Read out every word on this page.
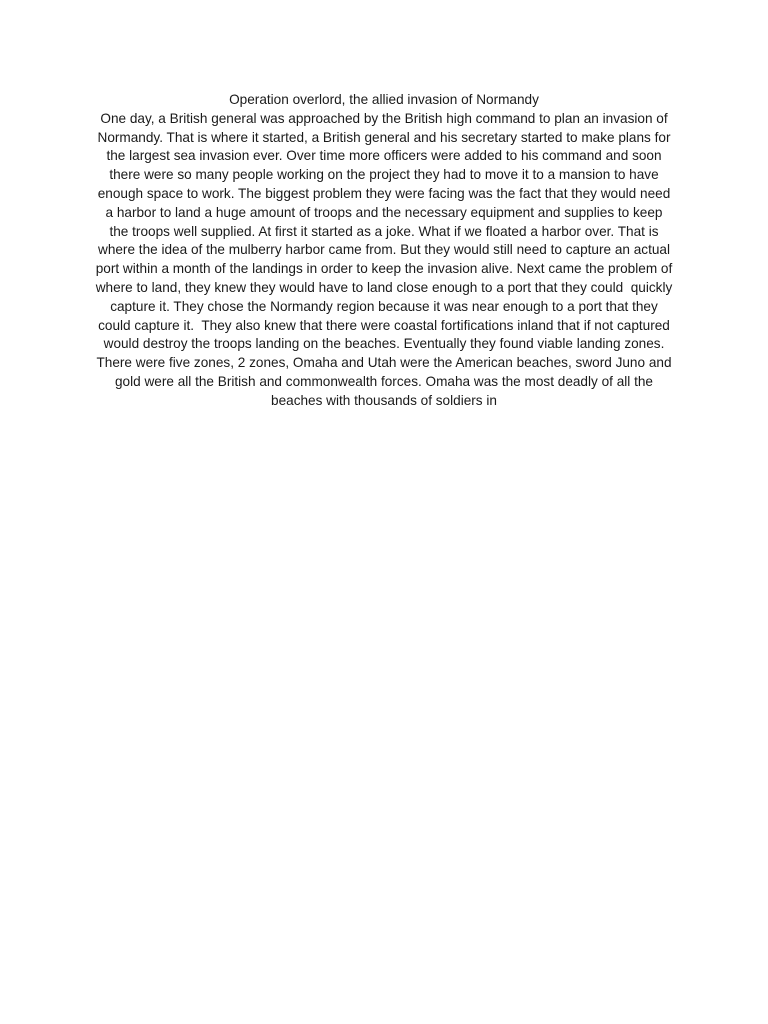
Operation overlord, the allied invasion of Normandy
One day, a British general was approached by the British high command to plan an invasion of
Normandy. That is where it started, a British general and his secretary started to make plans for
the largest sea invasion ever. Over time more officers were added to his command and soon
there were so many people working on the project they had to move it to a mansion to have
enough space to work. The biggest problem they were facing was the fact that they would need
a harbor to land a huge amount of troops and the necessary equipment and supplies to keep
the troops well supplied. At first it started as a joke. What if we floated a harbor over. That is
where the idea of the mulberry harbor came from. But they would still need to capture an actual
port within a month of the landings in order to keep the invasion alive. Next came the problem of
where to land, they knew they would have to land close enough to a port that they could  quickly
capture it. They chose the Normandy region because it was near enough to a port that they
could capture it.  They also knew that there were coastal fortifications inland that if not captured
would destroy the troops landing on the beaches. Eventually they found viable landing zones.
There were five zones, 2 zones, Omaha and Utah were the American beaches, sword Juno and
gold were all the British and commonwealth forces. Omaha was the most deadly of all the
beaches with thousands of soldiers in
